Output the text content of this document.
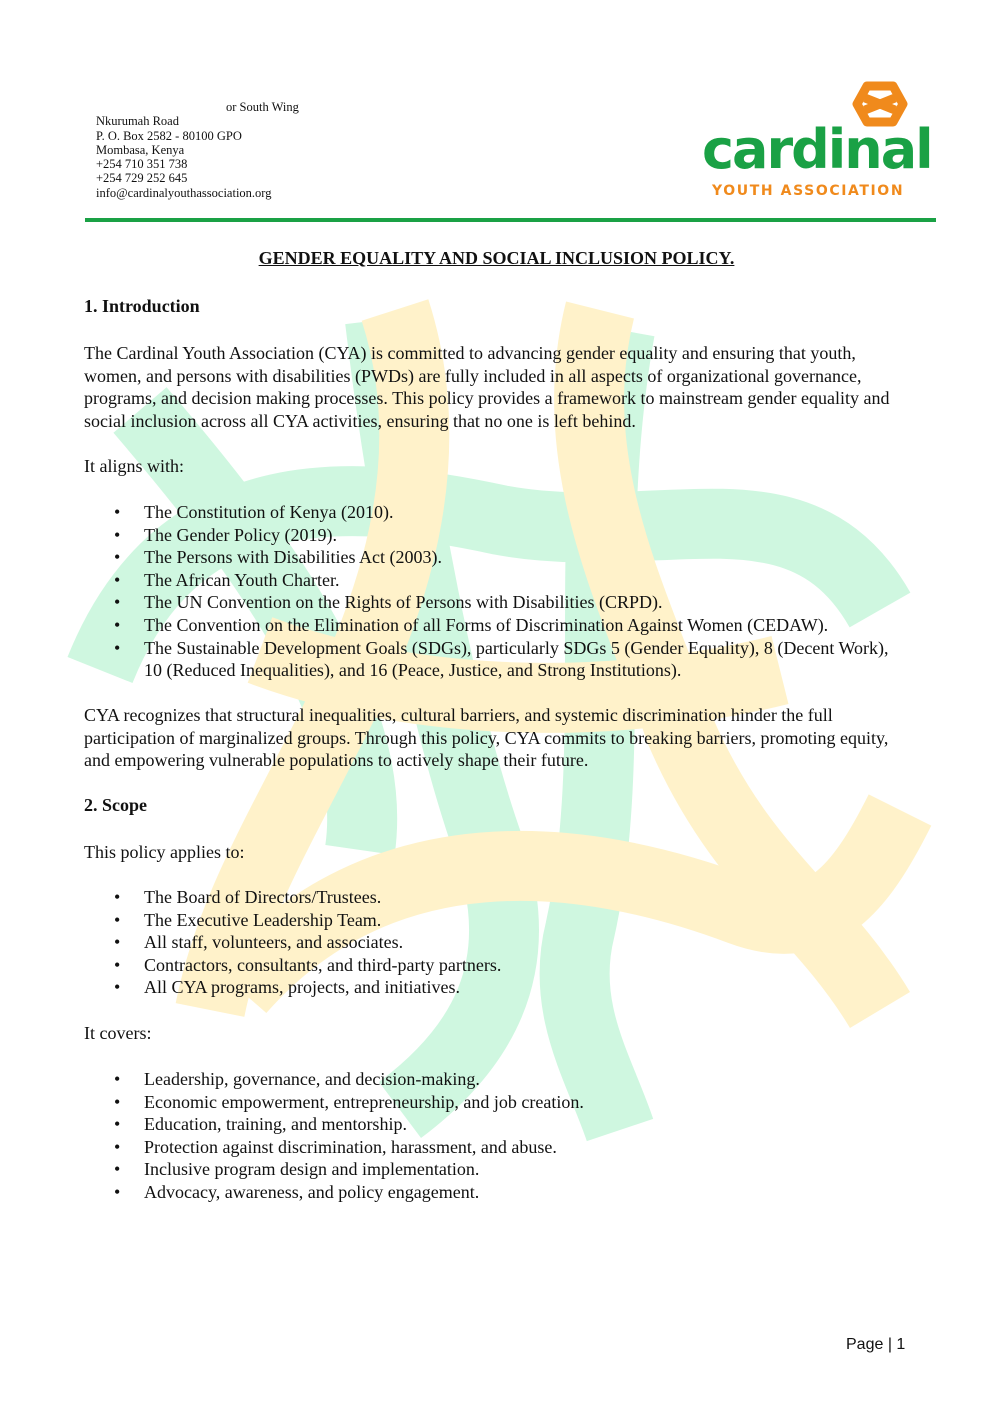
or South Wing
Nkurumah Road
P. O. Box 2582 - 80100 GPO
Mombasa, Kenya
+254 710 351 738
+254 729 252 645
info@cardinalyouthassociation.org
cardinal
YOUTH ASSOCIATION
GENDER EQUALITY AND SOCIAL INCLUSION POLICY.
1. Introduction
The Cardinal Youth Association (CYA) is committed to advancing gender equality and ensuring that youth, women, and persons with disabilities (PWDs) are fully included in all aspects of organizational governance, programs, and decision making processes. This policy provides a framework to mainstream gender equality and social inclusion across all CYA activities, ensuring that no one is left behind.
It aligns with:
• The Constitution of Kenya (2010).
• The Gender Policy (2019).
• The Persons with Disabilities Act (2003).
• The African Youth Charter.
• The UN Convention on the Rights of Persons with Disabilities (CRPD).
• The Convention on the Elimination of all Forms of Discrimination Against Women (CEDAW).
• The Sustainable Development Goals (SDGs), particularly SDGs 5 (Gender Equality), 8 (Decent Work), 10 (Reduced Inequalities), and 16 (Peace, Justice, and Strong Institutions).
CYA recognizes that structural inequalities, cultural barriers, and systemic discrimination hinder the full participation of marginalized groups. Through this policy, CYA commits to breaking barriers, promoting equity, and empowering vulnerable populations to actively shape their future.
2. Scope
This policy applies to:
• The Board of Directors/Trustees.
• The Executive Leadership Team.
• All staff, volunteers, and associates.
• Contractors, consultants, and third-party partners.
• All CYA programs, projects, and initiatives.
It covers:
• Leadership, governance, and decision-making.
• Economic empowerment, entrepreneurship, and job creation.
• Education, training, and mentorship.
• Protection against discrimination, harassment, and abuse.
• Inclusive program design and implementation.
• Advocacy, awareness, and policy engagement.
Page | 1
